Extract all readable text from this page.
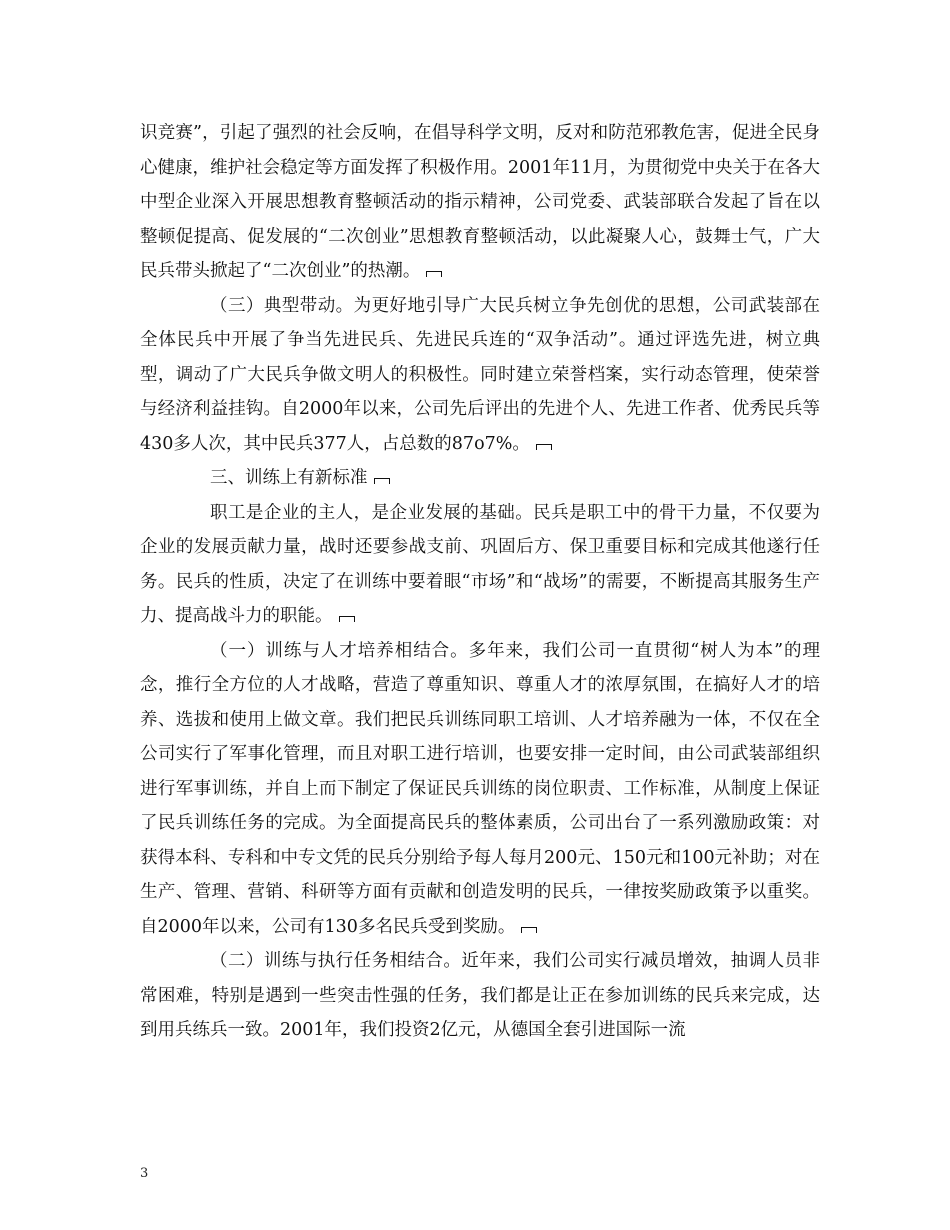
识竞赛”，引起了强烈的社会反响，在倡导科学文明，反对和防范邪教危害，促进全民身心健康，维护社会稳定等方面发挥了积极作用。2001年11月，为贯彻党中央关于在各大中型企业深入开展思想教育整顿活动的指示精神，公司党委、武装部联合发起了旨在以整顿促提高、促发展的“二次创业”思想教育整顿活动，以此凝聚人心，鼓舞士气，广大民兵带头掀起了“二次创业”的热潮。

（三）典型带动。为更好地引导广大民兵树立争先创优的思想，公司武装部在全体民兵中开展了争当先进民兵、先进民兵连的“双争活动”。通过评选先进，树立典型，调动了广大民兵争做文明人的积极性。同时建立荣誉档案，实行动态管理，使荣誉与经济利益挂钩。自2000年以来，公司先后评出的先进个人、先进工作者、优秀民兵等430多人次，其中民兵377人，占总数的87o7%。

三、训练上有新标准

职工是企业的主人，是企业发展的基础。民兵是职工中的骨干力量，不仅要为企业的发展贡献力量，战时还要参战支前、巩固后方、保卫重要目标和完成其他遂行任务。民兵的性质，决定了在训练中要着眼“市场”和“战场”的需要，不断提高其服务生产力、提高战斗力的职能。

（一）训练与人才培养相结合。多年来，我们公司一直贯彻“树人为本”的理念，推行全方位的人才战略，营造了尊重知识、尊重人才的浓厚氛围，在搞好人才的培养、选拔和使用上做文章。我们把民兵训练同职工培训、人才培养融为一体，不仅在全公司实行了军事化管理，而且对职工进行培训，也要安排一定时间，由公司武装部组织进行军事训练，并自上而下制定了保证民兵训练的岗位职责、工作标准，从制度上保证了民兵训练任务的完成。为全面提高民兵的整体素质，公司出台了一系列激励政策：对获得本科、专科和中专文凭的民兵分别给予每人每月200元、150元和100元补助；对在生产、管理、营销、科研等方面有贡献和创造发明的民兵，一律按奖励政策予以重奖。自2000年以来，公司有130多名民兵受到奖励。

（二）训练与执行任务相结合。近年来，我们公司实行减员增效，抽调人员非常困难，特别是遇到一些突击性强的任务，我们都是让正在参加训练的民兵来完成，达到用兵练兵一致。2001年，我们投资2亿元，从德国全套引进国际一流

3
